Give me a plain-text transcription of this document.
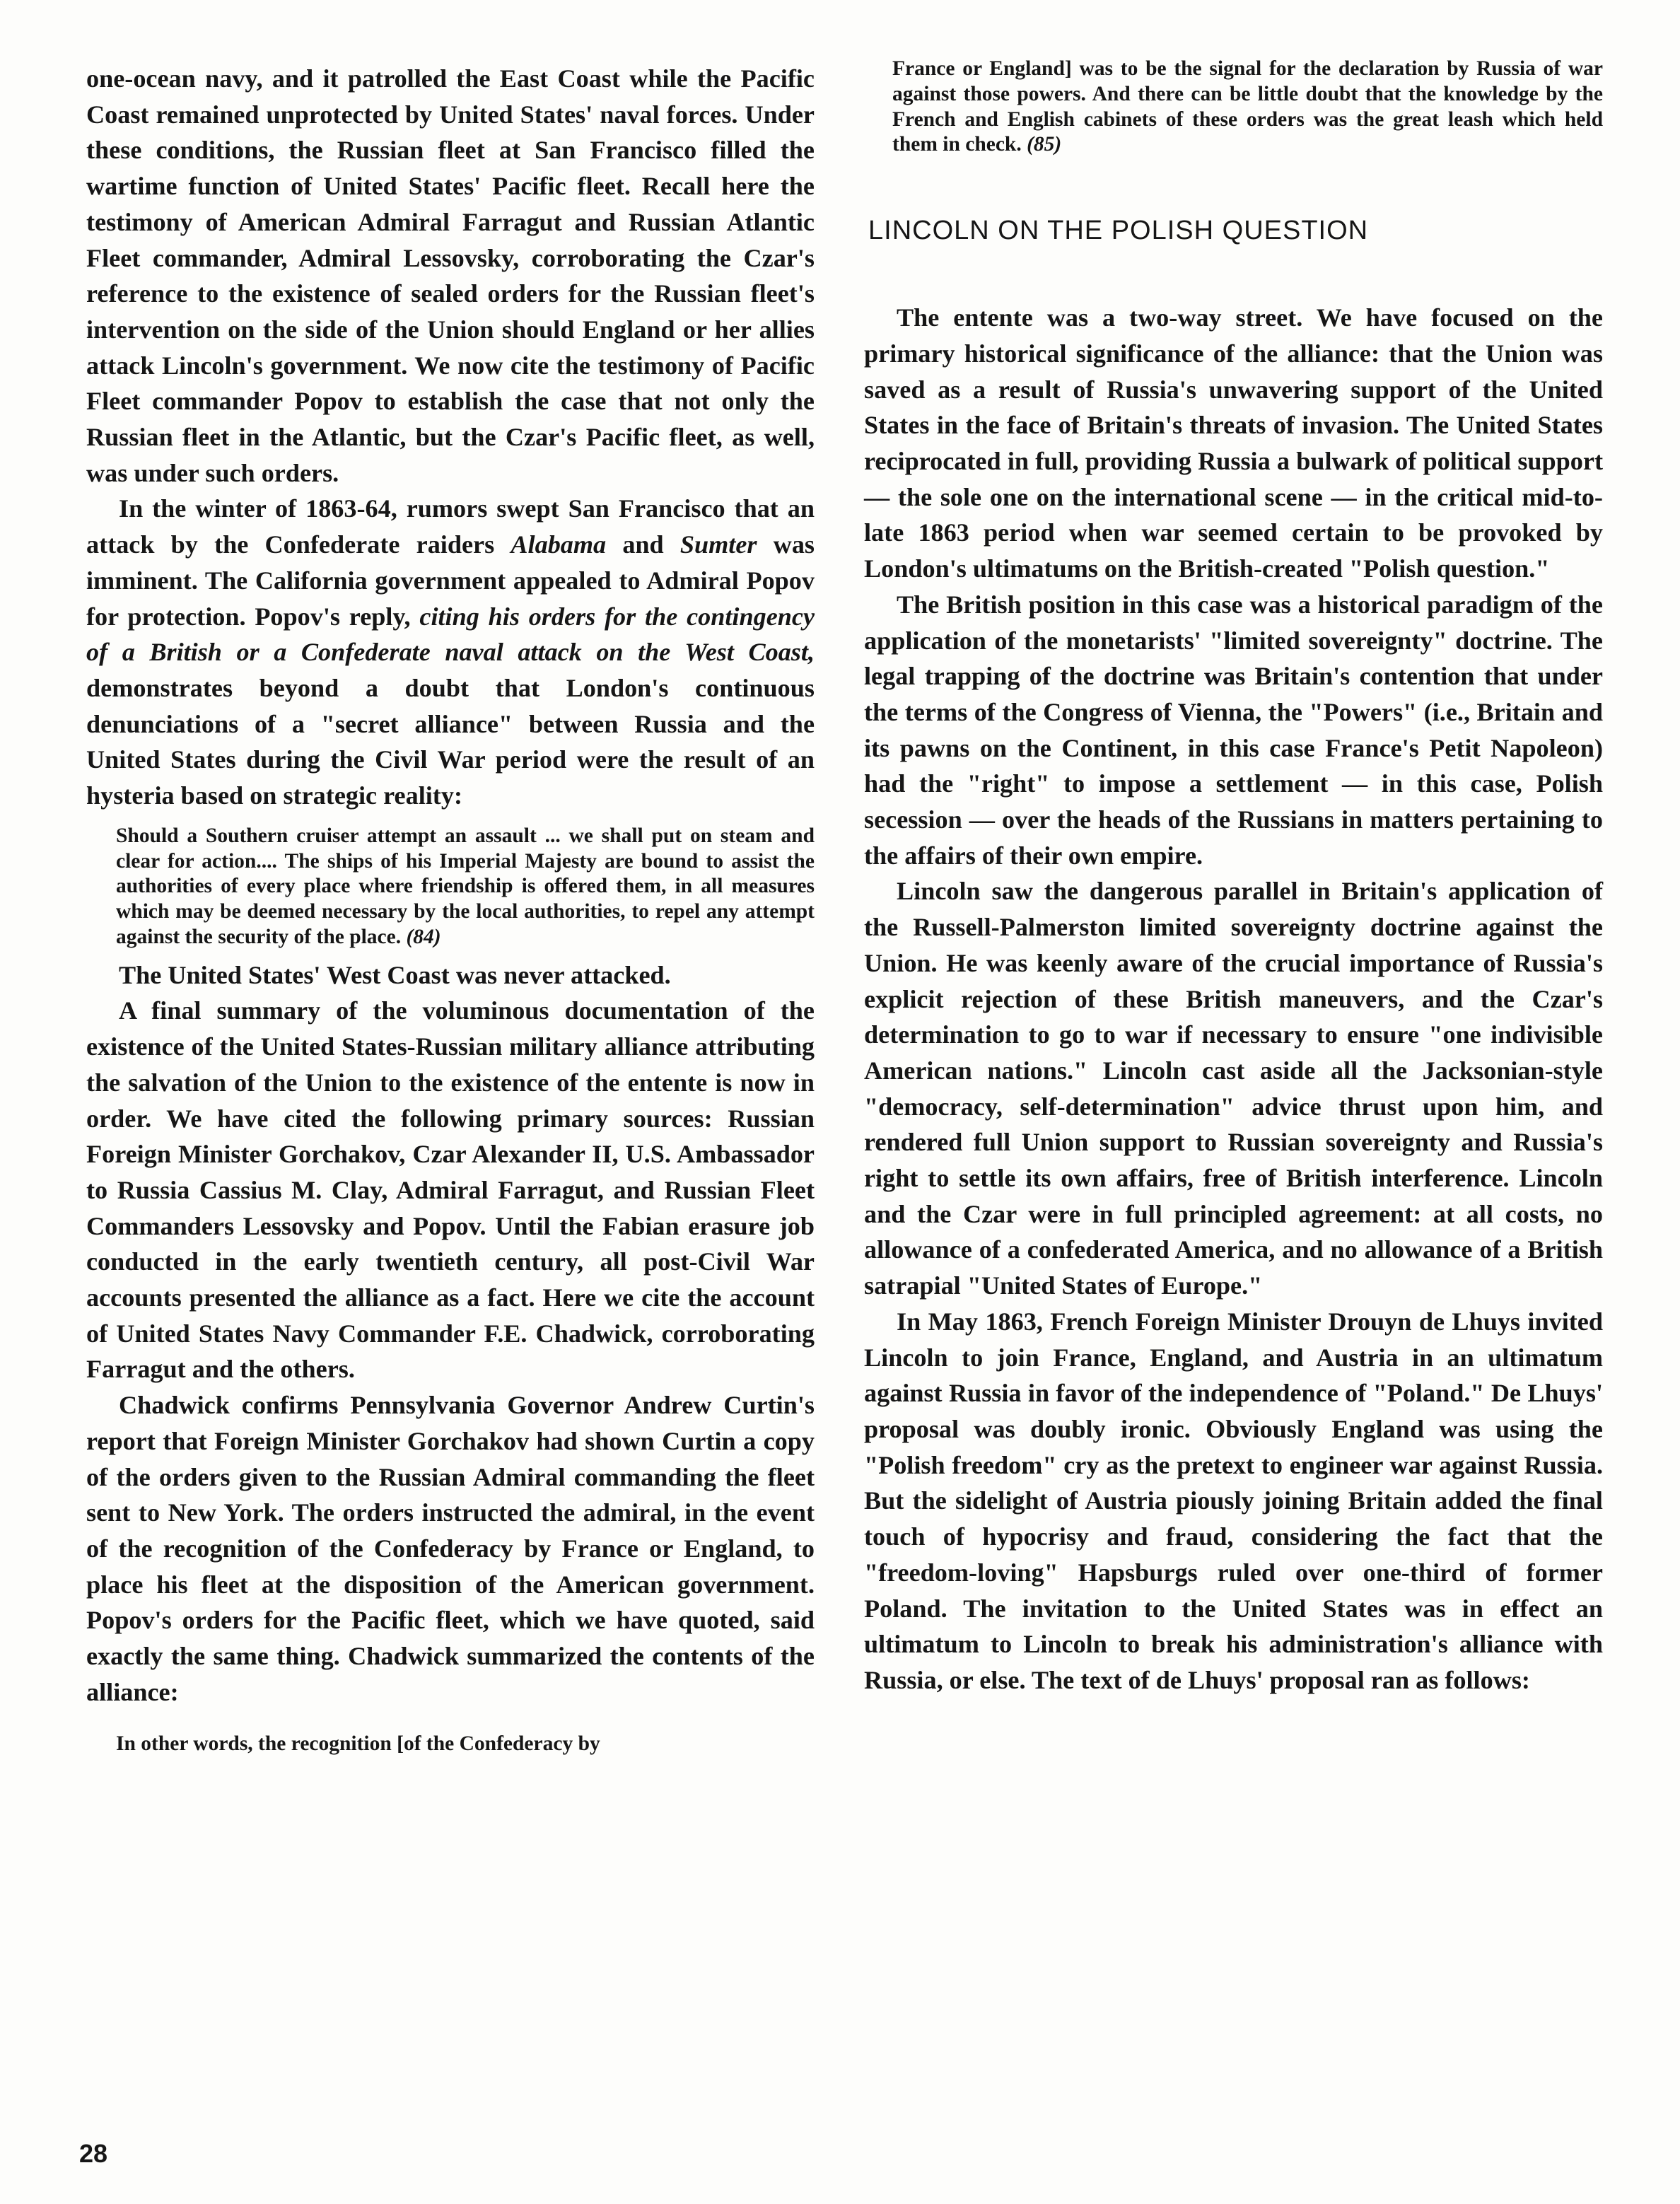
one-ocean navy, and it patrolled the East Coast while the Pacific Coast remained unprotected by United States' naval forces. Under these conditions, the Russian fleet at San Francisco filled the wartime function of United States' Pacific fleet. Recall here the testimony of American Admiral Farragut and Russian Atlantic Fleet commander, Admiral Lessovsky, corroborating the Czar's reference to the existence of sealed orders for the Russian fleet's intervention on the side of the Union should England or her allies attack Lincoln's government. We now cite the testimony of Pacific Fleet commander Popov to establish the case that not only the Russian fleet in the Atlantic, but the Czar's Pacific fleet, as well, was under such orders.

In the winter of 1863-64, rumors swept San Francisco that an attack by the Confederate raiders Alabama and Sumter was imminent. The California government appealed to Admiral Popov for protection. Popov's reply, citing his orders for the contingency of a British or a Confederate naval attack on the West Coast, demonstrates beyond a doubt that London's continuous denunciations of a "secret alliance" between Russia and the United States during the Civil War period were the result of an hysteria based on strategic reality:

Should a Southern cruiser attempt an assault ... we shall put on steam and clear for action.... The ships of his Imperial Majesty are bound to assist the authorities of every place where friendship is offered them, in all measures which may be deemed necessary by the local authorities, to repel any attempt against the security of the place. (84)

The United States' West Coast was never attacked.

A final summary of the voluminous documentation of the existence of the United States-Russian military alliance attributing the salvation of the Union to the existence of the entente is now in order. We have cited the following primary sources: Russian Foreign Minister Gorchakov, Czar Alexander II, U.S. Ambassador to Russia Cassius M. Clay, Admiral Farragut, and Russian Fleet Commanders Lessovsky and Popov. Until the Fabian erasure job conducted in the early twentieth century, all post-Civil War accounts presented the alliance as a fact. Here we cite the account of United States Navy Commander F.E. Chadwick, corroborating Farragut and the others.

Chadwick confirms Pennsylvania Governor Andrew Curtin's report that Foreign Minister Gorchakov had shown Curtin a copy of the orders given to the Russian Admiral commanding the fleet sent to New York. The orders instructed the admiral, in the event of the recognition of the Confederacy by France or England, to place his fleet at the disposition of the American government. Popov's orders for the Pacific fleet, which we have quoted, said exactly the same thing. Chadwick summarized the contents of the alliance:

In other words, the recognition [of the Confederacy by

France or England] was to be the signal for the declaration by Russia of war against those powers. And there can be little doubt that the knowledge by the French and English cabinets of these orders was the great leash which held them in check. (85)

LINCOLN ON THE POLISH QUESTION

The entente was a two-way street. We have focused on the primary historical significance of the alliance: that the Union was saved as a result of Russia's unwavering support of the United States in the face of Britain's threats of invasion. The United States reciprocated in full, providing Russia a bulwark of political support — the sole one on the international scene — in the critical mid-to-late 1863 period when war seemed certain to be provoked by London's ultimatums on the British-created "Polish question."

The British position in this case was a historical paradigm of the application of the monetarists' "limited sovereignty" doctrine. The legal trapping of the doctrine was Britain's contention that under the terms of the Congress of Vienna, the "Powers" (i.e., Britain and its pawns on the Continent, in this case France's Petit Napoleon) had the "right" to impose a settlement — in this case, Polish secession — over the heads of the Russians in matters pertaining to the affairs of their own empire.

Lincoln saw the dangerous parallel in Britain's application of the Russell-Palmerston limited sovereignty doctrine against the Union. He was keenly aware of the crucial importance of Russia's explicit rejection of these British maneuvers, and the Czar's determination to go to war if necessary to ensure "one indivisible American nations." Lincoln cast aside all the Jacksonian-style "democracy, self-determination" advice thrust upon him, and rendered full Union support to Russian sovereignty and Russia's right to settle its own affairs, free of British interference. Lincoln and the Czar were in full principled agreement: at all costs, no allowance of a confederated America, and no allowance of a British satrapial "United States of Europe."

In May 1863, French Foreign Minister Drouyn de Lhuys invited Lincoln to join France, England, and Austria in an ultimatum against Russia in favor of the independence of "Poland." De Lhuys' proposal was doubly ironic. Obviously England was using the "Polish freedom" cry as the pretext to engineer war against Russia. But the sidelight of Austria piously joining Britain added the final touch of hypocrisy and fraud, considering the fact that the "freedom-loving" Hapsburgs ruled over one-third of former Poland. The invitation to the United States was in effect an ultimatum to Lincoln to break his administration's alliance with Russia, or else. The text of de Lhuys' proposal ran as follows:

28
